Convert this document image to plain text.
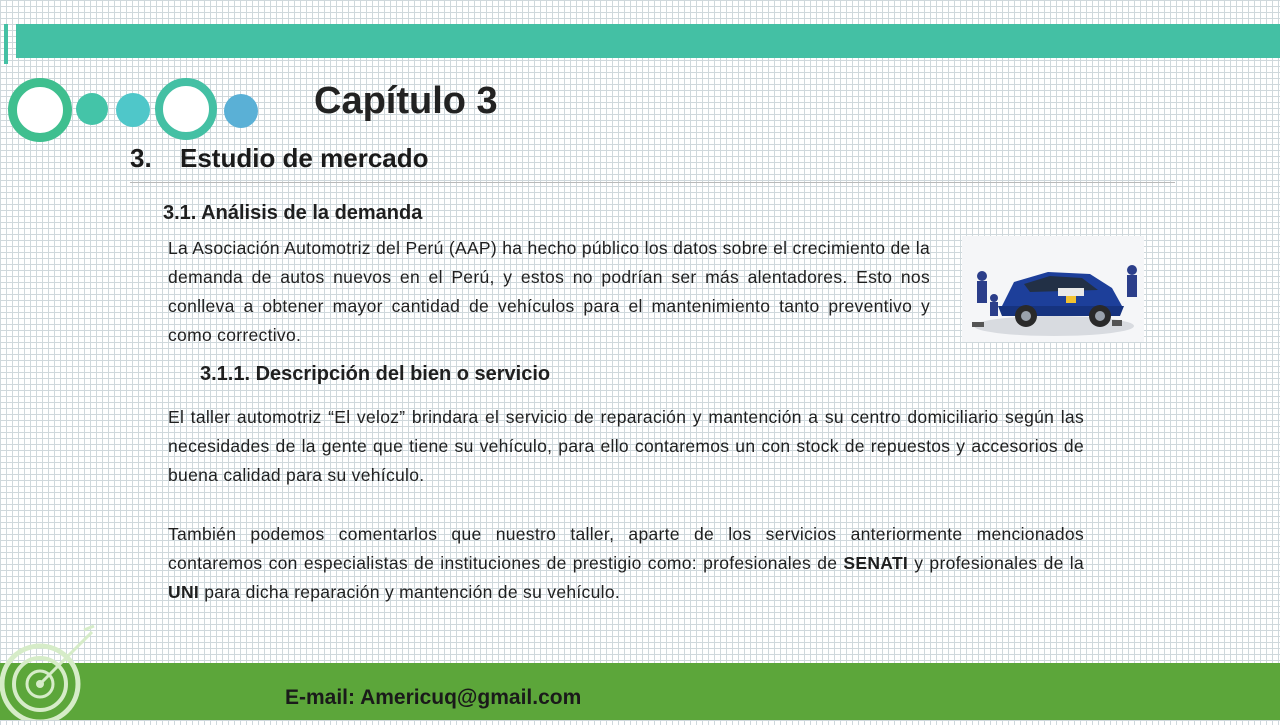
Capítulo 3
3. Estudio de mercado
3.1. Análisis de la demanda
La Asociación Automotriz del Perú (AAP) ha hecho público los datos sobre el crecimiento de la demanda de autos nuevos en el Perú, y estos no podrían ser más alentadores. Esto nos conlleva a obtener mayor cantidad de vehículos para el mantenimiento tanto preventivo y como correctivo.
3.1.1. Descripción del bien o servicio
El taller automotriz “El veloz” brindara el servicio de reparación y mantención a su centro domiciliario según las necesidades de la gente que tiene su vehículo, para ello contaremos un con stock de repuestos y accesorios de buena calidad para su vehículo.
También podemos comentarlos que nuestro taller, aparte de los servicios anteriormente mencionados contaremos con especialistas de instituciones de prestigio como: profesionales de SENATI y profesionales de la UNI para dicha reparación y mantención de su vehículo.
E-mail: Americuq@gmail.com
